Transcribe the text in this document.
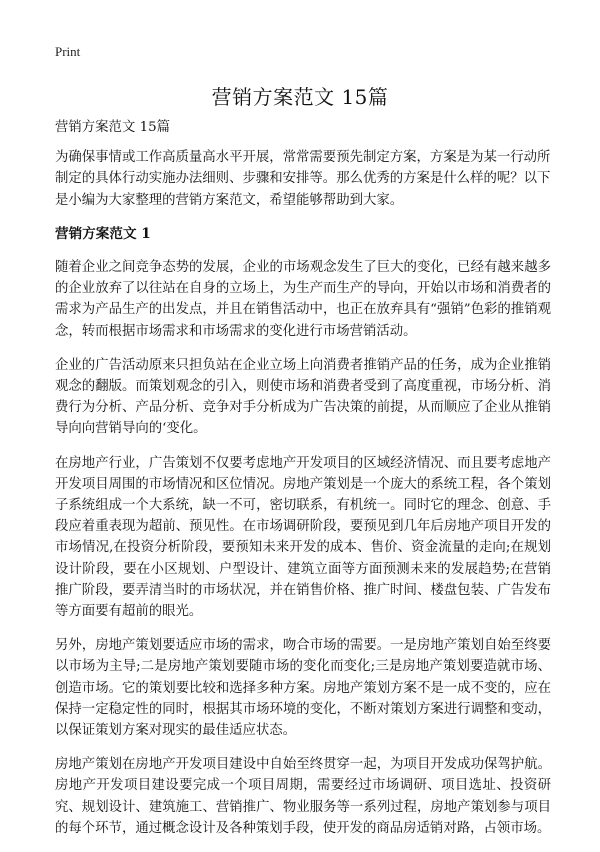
Print
营销方案范文 15篇

营销方案范文 15篇

为确保事情或工作高质量高水平开展，常常需要预先制定方案，方案是为某一行动所制定的具体行动实施办法细则、步骤和安排等。那么优秀的方案是什么样的呢？以下是小编为大家整理的营销方案范文，希望能够帮助到大家。

营销方案范文 1

随着企业之间竞争态势的发展，企业的市场观念发生了巨大的变化，已经有越来越多的企业放弃了以往站在自身的立场上，为生产而生产的导向，开始以市场和消费者的需求为产品生产的出发点，并且在销售活动中，也正在放弃具有“强销”色彩的推销观念，转而根据市场需求和市场需求的变化进行市场营销活动。

企业的广告活动原来只担负站在企业立场上向消费者推销产品的任务，成为企业推销观念的翻版。而策划观念的引入，则使市场和消费者受到了高度重视，市场分析、消费行为分析、产品分析、竞争对手分析成为广告决策的前提，从而顺应了企业从推销导向向营销导向的‘变化。

在房地产行业，广告策划不仅要考虑地产开发项目的区域经济情况、而且要考虑地产开发项目周围的市场情况和区位情况。房地产策划是一个庞大的系统工程，各个策划子系统组成一个大系统，缺一不可，密切联系，有机统一。同时它的理念、创意、手段应着重表现为超前、预见性。在市场调研阶段，要预见到几年后房地产项目开发的市场情况,在投资分析阶段，要预知未来开发的成本、售价、资金流量的走向;在规划设计阶段，要在小区规划、户型设计、建筑立面等方面预测未来的发展趋势;在营销推广阶段，要弄清当时的市场状况，并在销售价格、推广时间、楼盘包装、广告发布等方面要有超前的眼光。

另外，房地产策划要适应市场的需求，吻合市场的需要。一是房地产策划自始至终要以市场为主导;二是房地产策划要随市场的变化而变化;三是房地产策划要造就市场、创造市场。它的策划要比较和选择多种方案。房地产策划方案不是一成不变的，应在保持一定稳定性的同时，根据其市场环境的变化，不断对策划方案进行调整和变动，以保证策划方案对现实的最佳适应状态。

房地产策划在房地产开发项目建设中自始至终贯穿一起，为项目开发成功保驾护航。房地产开发项目建设要完成一个项目周期，需要经过市场调研、项目选址、投资研究、规划设计、建筑施工、营销推广、物业服务等一系列过程，房地产策划参与项目的每个环节，通过概念设计及各种策划手段，使开发的商品房适销对路，占领市场。
